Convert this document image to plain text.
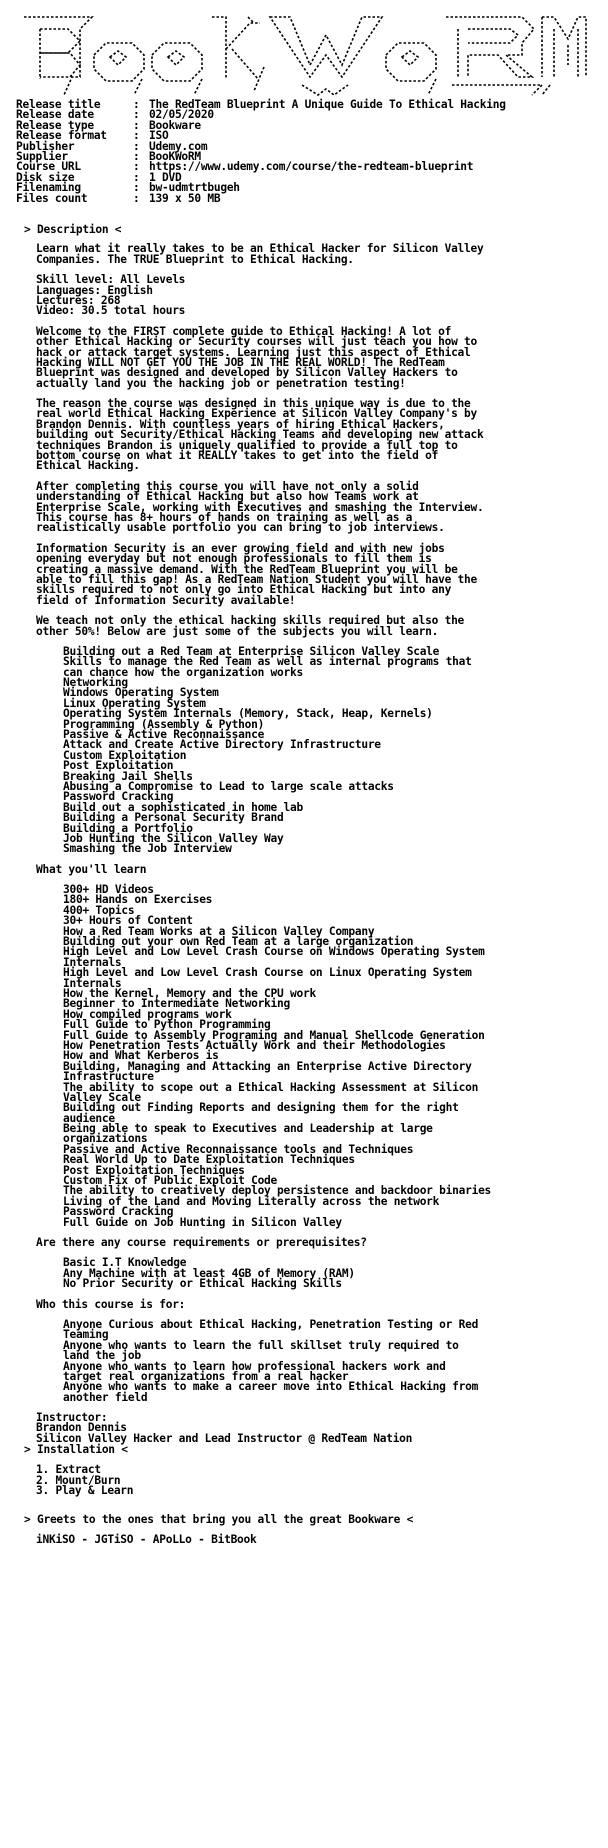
Release title	: The RedTeam Blueprint A Unique Guide To Ethical Hacking
Release date	: 02/05/2020
Release type	: Bookware
Release format	: ISO
Publisher	: Udemy.com
Supplier	: BooKWoRM
Course URL	: https://www.udemy.com/course/the-redteam-blueprint
Disk size	: 1 DVD
Filenaming	: bw-udmtrtbugeh
Files count	: 139 x 50 MB
> Description <
Learn what it really takes to be an Ethical Hacker for Silicon Valley
Companies. The TRUE Blueprint to Ethical Hacking.
Skill level: All Levels
Languages: English
Lectures: 268
Video: 30.5 total hours
Welcome to the FIRST complete guide to Ethical Hacking! A lot of
other Ethical Hacking or Security courses will just teach you how to
hack or attack target systems. Learning just this aspect of Ethical
Hacking WILL NOT GET YOU THE JOB IN THE REAL WORLD! The RedTeam
Blueprint was designed and developed by Silicon Valley Hackers to
actually land you the hacking job or penetration testing!
The reason the course was designed in this unique way is due to the
real world Ethical Hacking Experience at Silicon Valley Company's by
Brandon Dennis. With countless years of hiring Ethical Hackers,
building out Security/Ethical Hacking Teams and developing new attack
techniques Brandon is uniquely qualified to provide a full top to
bottom course on what it REALLY takes to get into the field of
Ethical Hacking.
After completing this course you will have not only a solid
understanding of Ethical Hacking but also how Teams work at
Enterprise Scale, working with Executives and smashing the Interview.
This course has 8+ hours of hands on training as well as a
realistically usable portfolio you can bring to job interviews.
Information Security is an ever growing field and with new jobs
opening everyday but not enough professionals to fill them is
creating a massive demand. With the RedTeam Blueprint you will be
able to fill this gap! As a RedTeam Nation Student you will have the
skills required to not only go into Ethical Hacking but into any
field of Information Security available!
We teach not only the ethical hacking skills required but also the
other 50%! Below are just some of the subjects you will learn.
Building out a Red Team at Enterprise Silicon Valley Scale
Skills to manage the Red Team as well as internal programs that
can chance how the organization works
Networking
Windows Operating System
Linux Operating System
Operating System Internals (Memory, Stack, Heap, Kernels)
Programming (Assembly & Python)
Passive & Active Reconnaissance
Attack and Create Active Directory Infrastructure
Custom Exploitation
Post Exploitation
Breaking Jail Shells
Abusing a Compromise to Lead to large scale attacks
Password Cracking
Build out a sophisticated in home lab
Building a Personal Security Brand
Building a Portfolio
Job Hunting the Silicon Valley Way
Smashing the Job Interview
What you'll learn
300+ HD Videos
180+ Hands on Exercises
400+ Topics
30+ Hours of Content
How a Red Team Works at a Silicon Valley Company
Building out your own Red Team at a large organization
High Level and Low Level Crash Course on Windows Operating System
Internals
High Level and Low Level Crash Course on Linux Operating System
Internals
How the Kernel, Memory and the CPU work
Beginner to Intermediate Networking
How compiled programs work
Full Guide to Python Programming
Full Guide to Assembly Programing and Manual Shellcode Generation
How Penetration Tests Actually Work and their Methodologies
How and What Kerberos is
Building, Managing and Attacking an Enterprise Active Directory
Infrastructure
The ability to scope out a Ethical Hacking Assessment at Silicon
Valley Scale
Building out Finding Reports and designing them for the right
audience
Being able to speak to Executives and Leadership at large
organizations
Passive and Active Reconnaissance tools and Techniques
Real World Up to Date Exploitation Techniques
Post Exploitation Techniques
Custom Fix of Public Exploit Code
The ability to creatively deploy persistence and backdoor binaries
Living of the Land and Moving Literally across the network
Password Cracking
Full Guide on Job Hunting in Silicon Valley
Are there any course requirements or prerequisites?
Basic I.T Knowledge
Any Machine with at least 4GB of Memory (RAM)
No Prior Security or Ethical Hacking Skills
Who this course is for:
Anyone Curious about Ethical Hacking, Penetration Testing or Red
Teaming
Anyone who wants to learn the full skillset truly required to
land the job
Anyone who wants to learn how professional hackers work and
target real organizations from a real hacker
Anyone who wants to make a career move into Ethical Hacking from
another field
Instructor:
Brandon Dennis
Silicon Valley Hacker and Lead Instructor @ RedTeam Nation
> Installation <
1. Extract
2. Mount/Burn
3. Play & Learn
> Greets to the ones that bring you all the great Bookware <
iNKiSO - JGTiSO - APoLLo - BitBook
